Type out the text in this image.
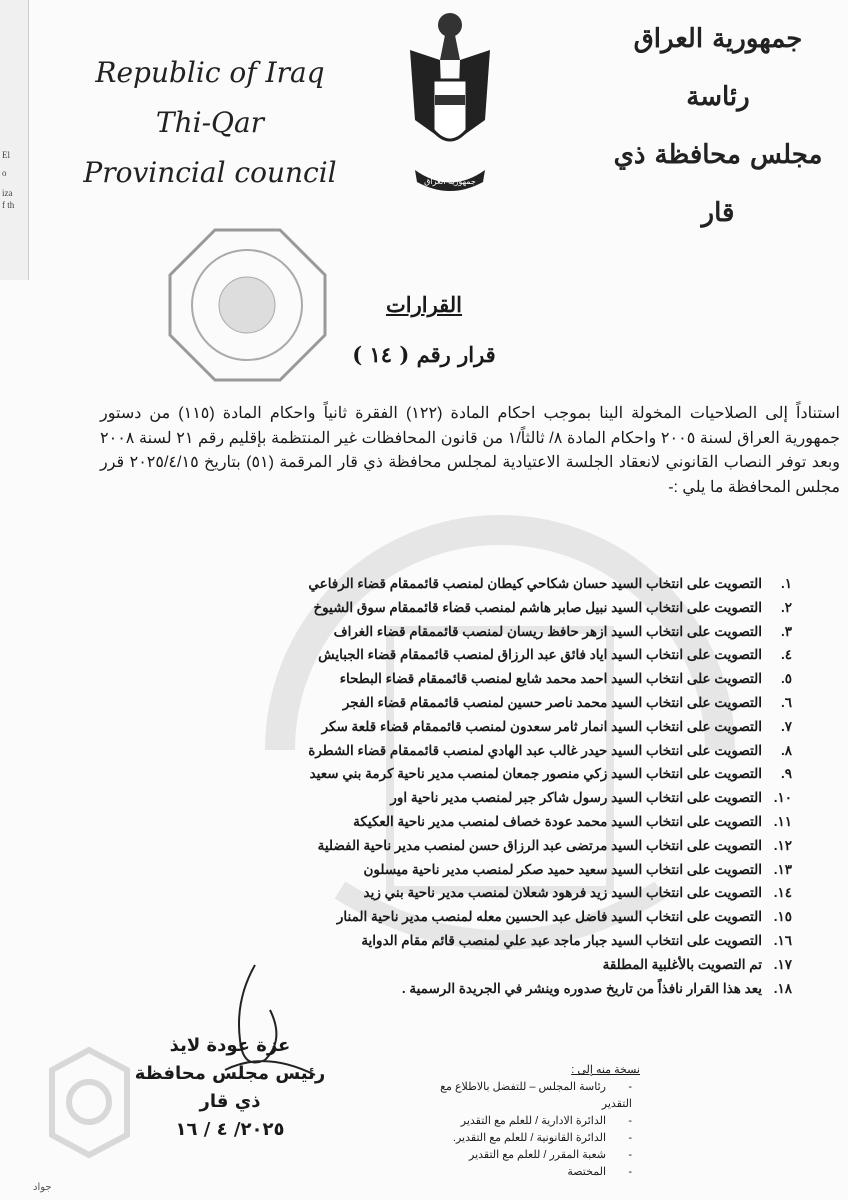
El
o
iza
f th
Republic of Iraq
Thi-Qar
Provincial council	جمهورية العراق
جمهورية العراق
رئاسة
مجلس محافظة ذي قار
القرارات
قرار رقم ( ١٤ )
استناداً إلى الصلاحيات المخولة الينا بموجب احكام المادة (١٢٢) الفقرة ثانياً واحكام المادة (١١٥) من دستور جمهورية العراق لسنة ٢٠٠٥ واحكام المادة ٨/ ثالثاً/١ من قانون المحافظات غير المنتظمة بإقليم رقم ٢١ لسنة ٢٠٠٨ وبعد توفر النصاب القانوني لانعقاد الجلسة الاعتيادية لمجلس محافظة ذي قار المرقمة (٥١) بتاريخ ٢٠٢٥/٤/١٥ قرر مجلس المحافظة ما يلي :-
١.
التصويت على انتخاب السيد حسان شكاحي كيطان لمنصب قائممقام قضاء الرفاعي
٢.
التصويت على انتخاب السيد نبيل صابر هاشم لمنصب قضاء قائممقام سوق الشيوخ
٣.
التصويت على انتخاب السيد ازهر حافظ ريسان لمنصب قائممقام قضاء الغراف
٤.
التصويت على انتخاب السيد اياد فائق عبد الرزاق لمنصب قائممقام قضاء الجبايش
٥.
التصويت على انتخاب السيد احمد محمد شايع لمنصب قائممقام قضاء البطحاء
٦.
التصويت على انتخاب السيد محمد ناصر حسين لمنصب قائممقام قضاء الفجر
٧.
التصويت على انتخاب السيد انمار ثامر سعدون لمنصب قائممقام قضاء قلعة سكر
٨.
التصويت على انتخاب السيد حيدر غالب عبد الهادي لمنصب قائممقام قضاء الشطرة
٩.
التصويت على انتخاب السيد زكي منصور جمعان لمنصب مدير ناحية كرمة بني سعيد
١٠.
التصويت على انتخاب السيد رسول شاكر جبر لمنصب مدير ناحية اور
١١.
التصويت على انتخاب السيد محمد عودة خصاف لمنصب مدير ناحية العكيكة
١٢.
التصويت على انتخاب السيد مرتضى عبد الرزاق حسن لمنصب مدير ناحية الفضلية
١٣.
التصويت على انتخاب السيد سعيد حميد صكر لمنصب مدير ناحية ميسلون
١٤.
التصويت على انتخاب السيد زيد فرهود شعلان لمنصب مدير ناحية بني زيد
١٥.
التصويت على انتخاب السيد فاضل عبد الحسين معله لمنصب مدير ناحية المنار
١٦.
التصويت على انتخاب السيد جبار ماجد عبد علي لمنصب قائم مقام الدواية
١٧.
تم التصويت بالأغلبية المطلقة
١٨.
يعد هذا القرار نافذاً من تاريخ صدوره وينشر في الجريدة الرسمية .
عزة عودة لايذ
رئيس مجلس محافظة ذي قار
٢٠٢٥/ ٤ / ١٦
نسخة منه إلى :
- رئاسة المجلس – للتفضل بالاطلاع مع التقدير
- الدائرة الادارية / للعلم مع التقدير
- الدائرة القانونية / للعلم مع التقدير.
- شعبة المقرر / للعلم مع التقدير
- المختصة
جواد
